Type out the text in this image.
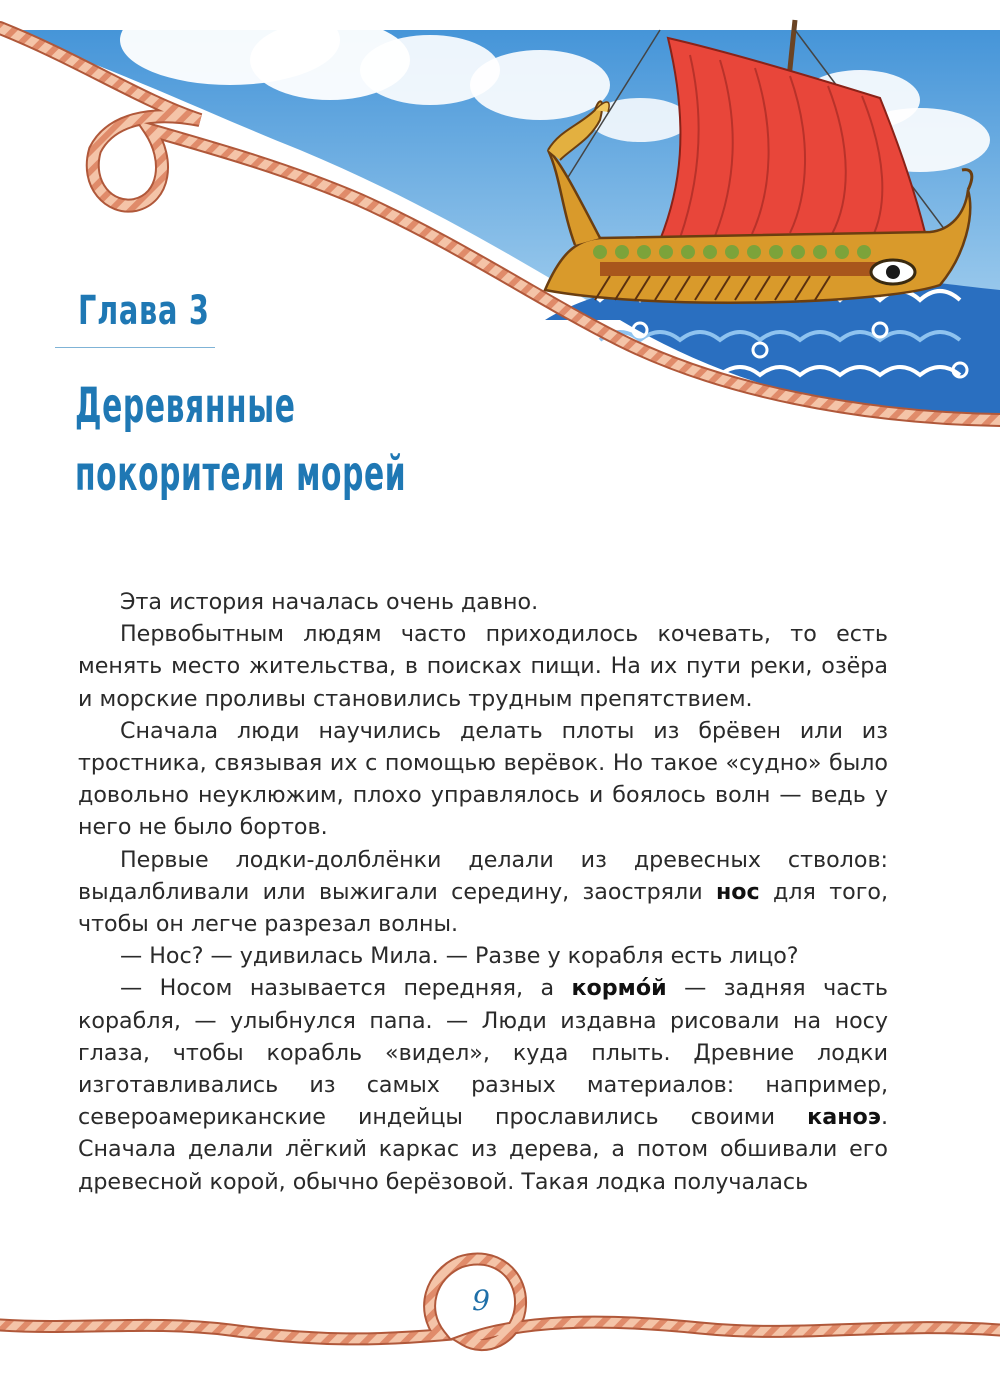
Глава 3
Деревянные
покорители морей

Эта история началась очень давно.

Первобытным людям часто приходилось кочевать, то есть менять место жительства, в поисках пищи. На их пути реки, озёра и морские проливы становились трудным препятствием.

Сначала люди научились делать плоты из брёвен или из тростника, связывая их с помощью верёвок. Но такое «судно» было довольно неуклюжим, плохо управлялось и боялось волн — ведь у него не было бортов.

Первые лодки-долблёнки делали из древесных стволов: выдалбливали или выжигали середину, заостряли нос для того, чтобы он легче разрезал волны.

— Нос? — удивилась Мила. — Разве у корабля есть лицо?

— Носом называется передняя, а кормóй — задняя часть корабля, — улыбнулся папа. — Люди издавна рисовали на носу глаза, чтобы корабль «видел», куда плыть. Древние лодки изготавливались из самых разных материалов: например, североамериканские индейцы прославились своими каноэ. Сначала делали лёгкий каркас из дерева, а потом обшивали его древесной корой, обычно берёзовой. Такая лодка получалась

9
